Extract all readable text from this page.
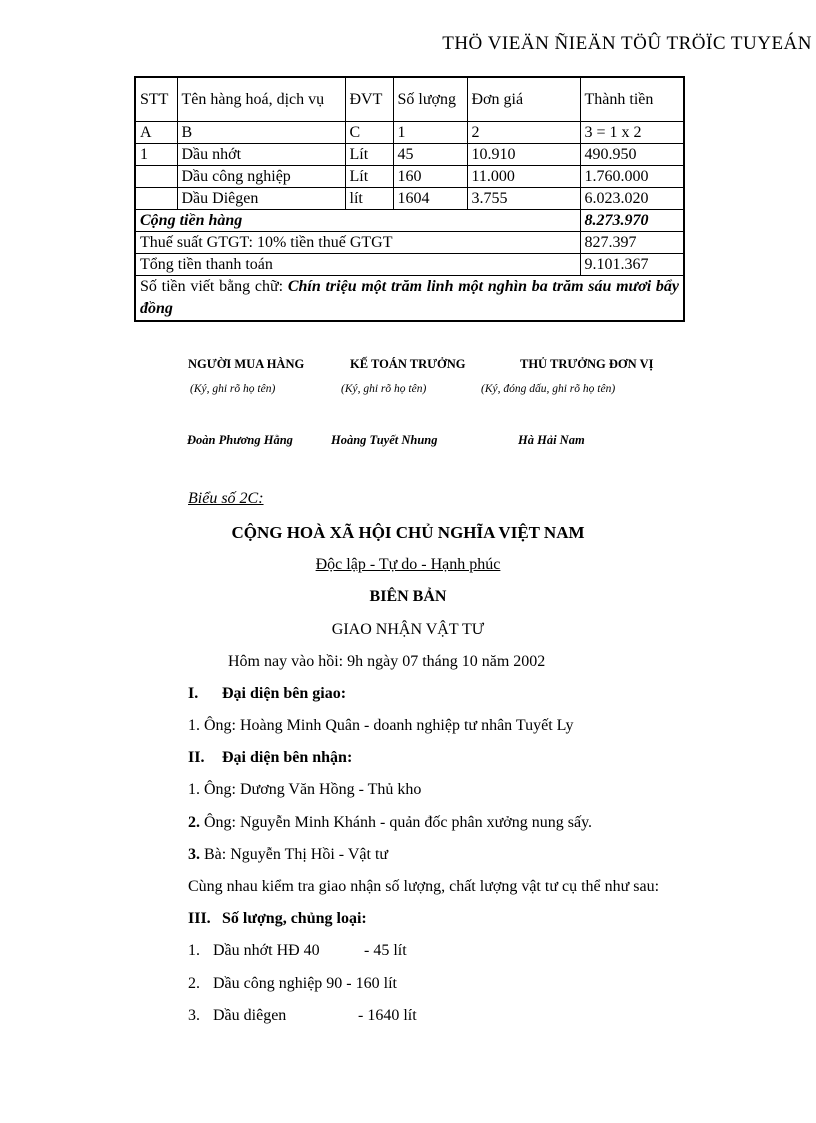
THÖ VIEÄN ÑIEÄN TÖÛ TRÖÏC TUYEÁN
STT	Tên hàng hoá, dịch vụ	ĐVT	Số lượng	Đơn giá	Thành tiền
A	B	C	1	2	3 = 1 x 2
1	Dầu nhớt	Lít	45	10.910	490.950
	Dầu công nghiệp	Lít	160	11.000	1.760.000
	Dầu Diêgen	lít	1604	3.755	6.023.020
Cộng tiền hàng					8.273.970
Thuế suất GTGT: 10% tiền thuế GTGT					827.397
Tổng tiền thanh toán					9.101.367
Số tiền viết bằng chữ: Chín triệu một trăm linh một nghìn ba trăm sáu mươi bẩy đồng					
NGƯỜI MUA HÀNG	KẾ TOÁN TRƯỞNG	THỦ TRƯỞNG ĐƠN VỊ
(Ký, ghi rõ họ tên)	(Ký, ghi rõ họ tên)	(Ký, đóng dấu, ghi rõ họ tên)
Đoàn Phương Hằng	Hoàng Tuyết Nhung	Hà Hải Nam
Biểu số 2C:
CỘNG HOÀ XÃ HỘI CHỦ NGHĨA VIỆT NAM
Độc lập - Tự do - Hạnh phúc
BIÊN BẢN
GIAO NHẬN VẬT TƯ
Hôm nay vào hồi: 9h ngày 07 tháng 10 năm 2002
I. Đại diện bên giao:
1. Ông: Hoàng Minh Quân - doanh nghiệp tư nhân Tuyết Ly
II. Đại diện bên nhận:
1. Ông: Dương Văn Hồng - Thủ kho
2. Ông: Nguyễn Minh Khánh - quản đốc phân xưởng nung sấy.
3. Bà: Nguyễn Thị Hồi - Vật tư
Cùng nhau kiểm tra giao nhận số lượng, chất lượng vật tư cụ thể như sau:
III. Số lượng, chủng loại:
1. Dầu nhớt HĐ 40	- 45 lít
2. Dầu công nghiệp 90 - 160 lít
3. Dầu diêgen	- 1640 lít
